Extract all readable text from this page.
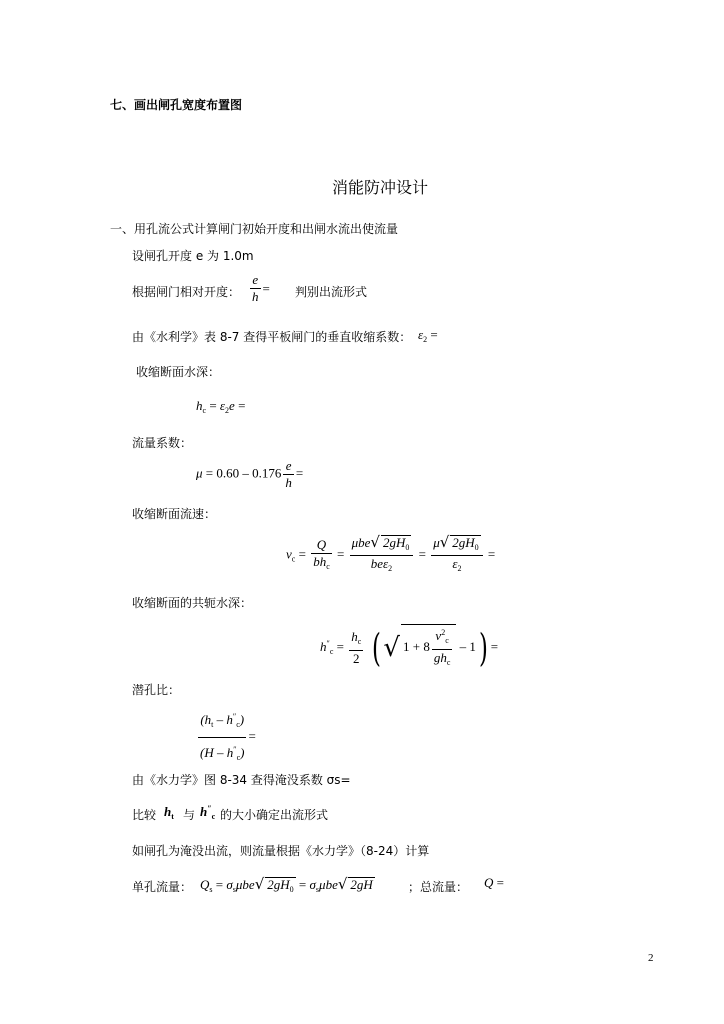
七、画出闸孔宽度布置图
消能防冲设计
一、用孔流公式计算闸门初始开度和出闸水流出使流量
设闸孔开度 e 为 1.0m
根据闸门相对开度： $\frac{e}{h}$ = 判别出流形式
由《水利学》表 8-7 查得平板闸门的垂直收缩系数： $\varepsilon_2$ =
收缩断面水深：
$h_c = \varepsilon_2e$ =
流量系数：
$\mu = 0.60 - 0.176 \frac{e}{h}$ =
收缩断面流速：
$v_c = \frac{Q}{bh_c} = \frac{\mu be√ 2gH_0}{be\varepsilon_2} = \frac{\mu√ 2gH_0}{\varepsilon_2}$ =
收缩断面的共轭水深：
$h''_c = \frac{h_c}{2}$ ( √ $1 + 8 \frac{v^2_c}{gh_c} - 1$) =
潜孔比：
$\frac{(h_t - h''_c)}{(H - h''_c)}$ =
由《水力学》图 8-34 查得淹没系数 σs=
比较 $h_t$ 与 $h''_c$ 的大小确定出流形式
如闸孔为淹没出流，则流量根据《水力学》（8-24）计算
单孔流量： $Q_s = \sigma_s\mu be√$ $2gH_0 = \sigma_s\mu be√$ 2gH	；总流量： Q =
2
